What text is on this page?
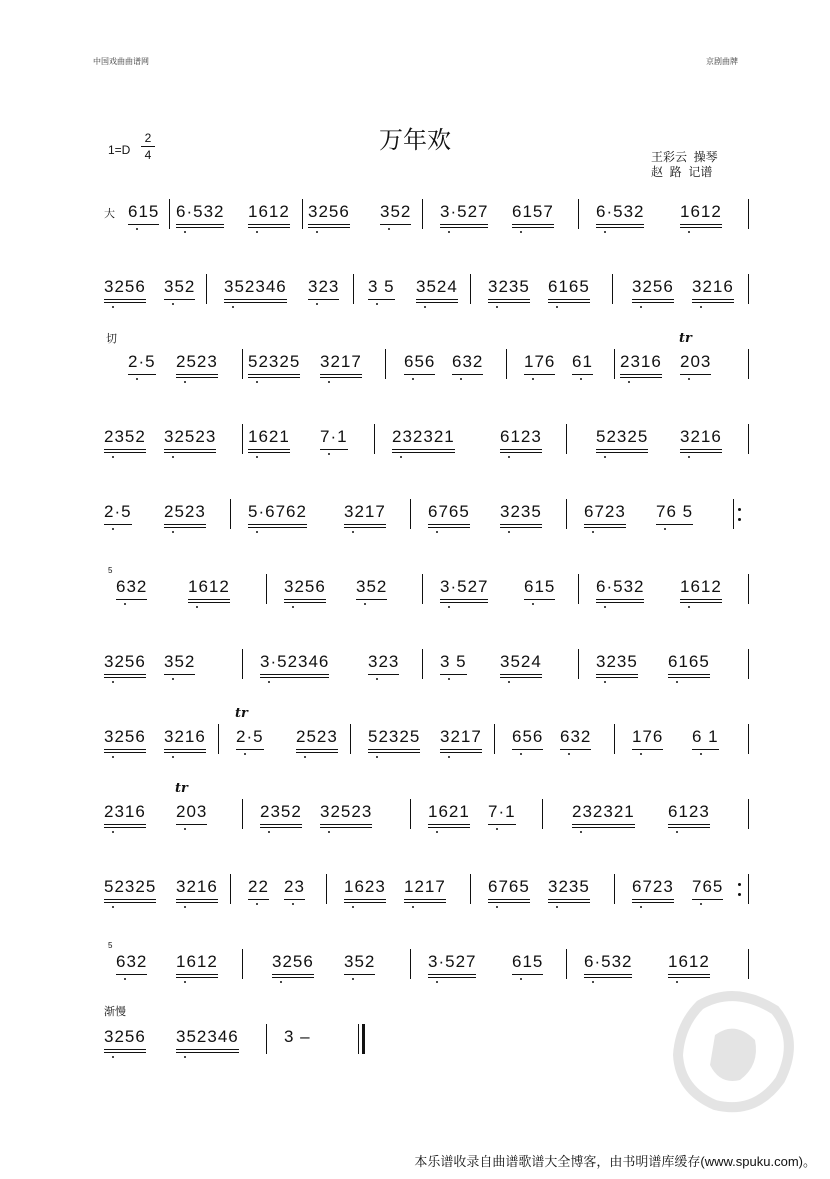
中国戏曲曲谱网	京剧曲牌
万年欢
1=D
2
4	王彩云  操琴
赵  路  记谱
615 6·532 1612 3256 352 3·527 6157 6·532 1612
3256 352 352346 323 3 5 3524 3235 6165 3256 3216
2·5 2523 52325 3217 656 632 176 61 2316 203
2352 32523 1621 7·1	232321	6123	52325 3216
2·5 2523 5·6762 3217 6765 3235 6723 76 5
632 1612	3256 352	3·527 615 6·532 1612
3256 352	3·52346 323 3 5 3524	3235 6165
3256 3216 2·5 2523 52325 3217 656 632 176 6 1
2316 203	2352 32523	1621 7·1	232321 6123
52325 3216 22 23 1623 1217 6765 3235 6723 765
632 1612	3256 352	3·527 615 6·532 1612
3256 352346	3 –
本乐谱收录自曲谱歌谱大全博客，由书明谱库缓存(www.spuku.com)。
大
切
渐慢
tr
tr
tr
5
5
